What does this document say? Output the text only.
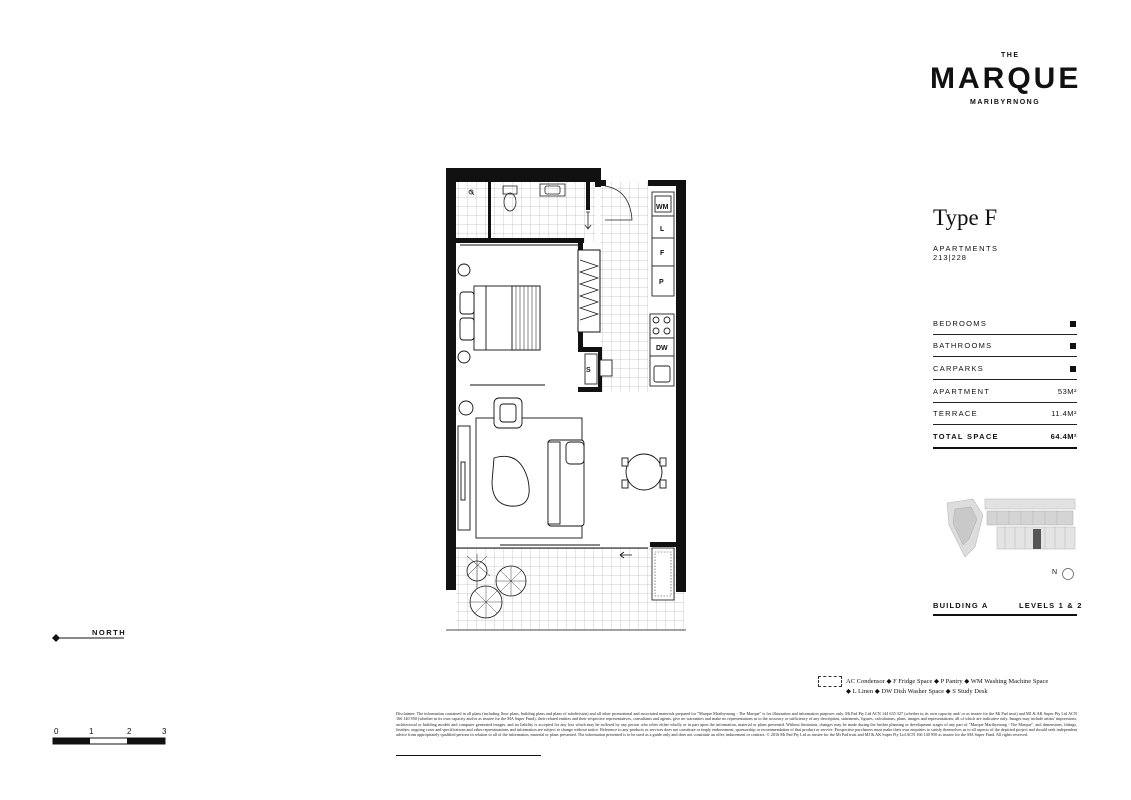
THE
MARQUE
MARIBYRNONG
Type F
APARTMENTS
213|228
BEDROOMS
BATHROOMS
CARPARKS
APARTMENT	53M²
TERRACE	11.4M²
TOTAL SPACE	64.4M²
N
BUILDING A	LEVELS 1 & 2
NORTH
0	1	2	3
WM
L
F
P
DW
S
AC Condensor ◆ F Fridge Space ◆ P Pantry ◆ WM Washing Machine Space
◆ L Linen ◆ DW Dish Washer Space ◆ S Study Desk
Disclaimer: The information contained in all plans (including floor plans, building plans and plans of subdivision) and all other promotional and associated materials prepared for "Marque Maribyrnong - The Marque" is for illustration and information purposes only. Mi Pad Pty Ltd ACN 144 635 327 (whether in its own capacity and/ or as trustee for the Mi Pad trust) and MJ & AK Super Pty Ltd ACN 166 140 950 (whether in its own capacity and/or as trustee for the MA Super Fund), their related entities and their respective representatives, consultants and agents, give no warranties and make no representations as to the accuracy or sufficiency of any description, statements, figures, calculations, plans, images and representations, all of which are indicative only. Images may include artists' impressions, architectural or building models and computer generated images, and no liability is accepted for any loss which may be suffered by any person who relies either wholly or in part upon the information, material or plans presented. Without limitation, changes may be made during the further planning or development stages of any part of "Marque Maribyrnong - The Marque", and dimensions, fittings, finishes, ongoing costs and specifications and other representations and information are subject to change without notice. Reference to any products or services does not constitute or imply endorsement, sponsorship or recommendation of that product or service. Prospective purchasers must make their own enquiries to satisfy themselves as to all aspects of the depicted project and should seek independent advice from appropriately qualified persons in relation to all of the information, material or plans presented. The information presented is to be used as a guide only and does not constitute an offer, inducement or contract. © 2016 Mi Pad Pty Ltd as trustee for the Mi Pad trust and MJ & AK Super Pty Ltd ACN 166 140 950 as trustee for the MA Super Fund. All rights reserved.
